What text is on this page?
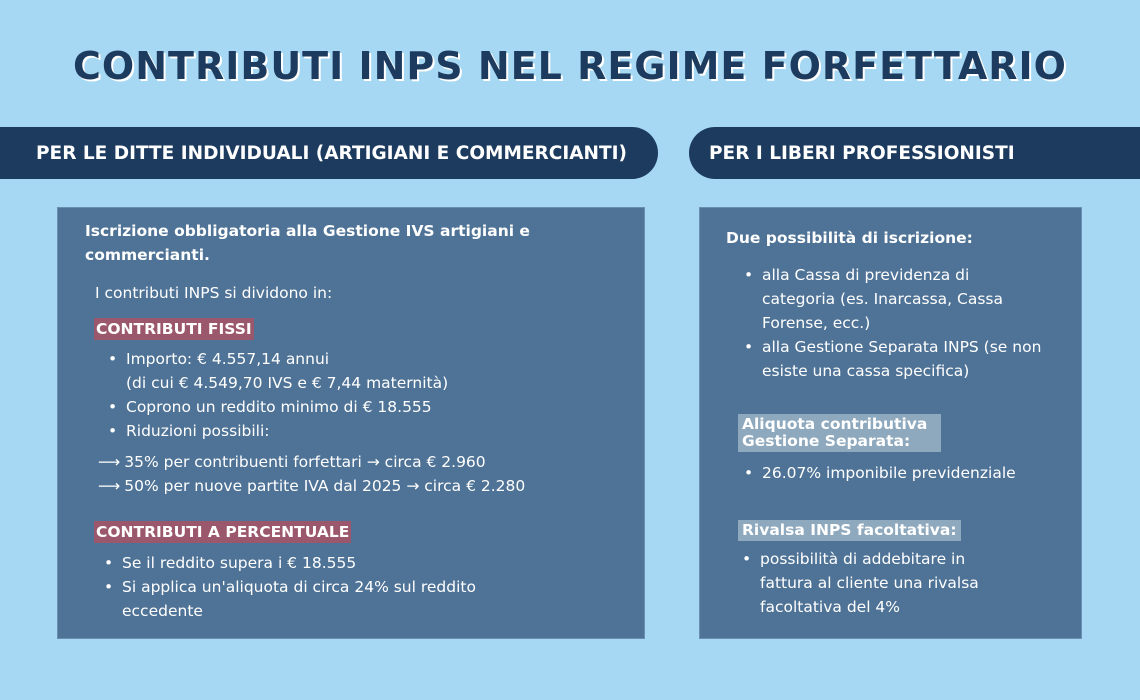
CONTRIBUTI INPS NEL REGIME FORFETTARIO
PER LE DITTE INDIVIDUALI (ARTIGIANI E COMMERCIANTI)	PER I LIBERI PROFESSIONISTI
Iscrizione obbligatoria alla Gestione IVS artigiani e commercianti.
I contributi INPS si dividono in:
CONTRIBUTI FISSI
• Importo: € 4.557,14 annui
(di cui € 4.549,70 IVS e € 7,44 maternità)
• Coprono un reddito minimo di € 18.555
• Riduzioni possibili:
⟶ 35% per contribuenti forfettari → circa € 2.960
⟶ 50% per nuove partite IVA dal 2025 → circa € 2.280
CONTRIBUTI A PERCENTUALE
• Se il reddito supera i € 18.555
• Si applica un'aliquota di circa 24% sul reddito eccedente
Due possibilità di iscrizione:
• alla Cassa di previdenza di categoria (es. Inarcassa, Cassa Forense, ecc.)
• alla Gestione Separata INPS (se non esiste una cassa specifica)
Aliquota contributiva Gestione Separata:
• 26.07% imponibile previdenziale
Rivalsa INPS facoltativa:
• possibilità di addebitare in fattura al cliente una rivalsa facoltativa del 4%
